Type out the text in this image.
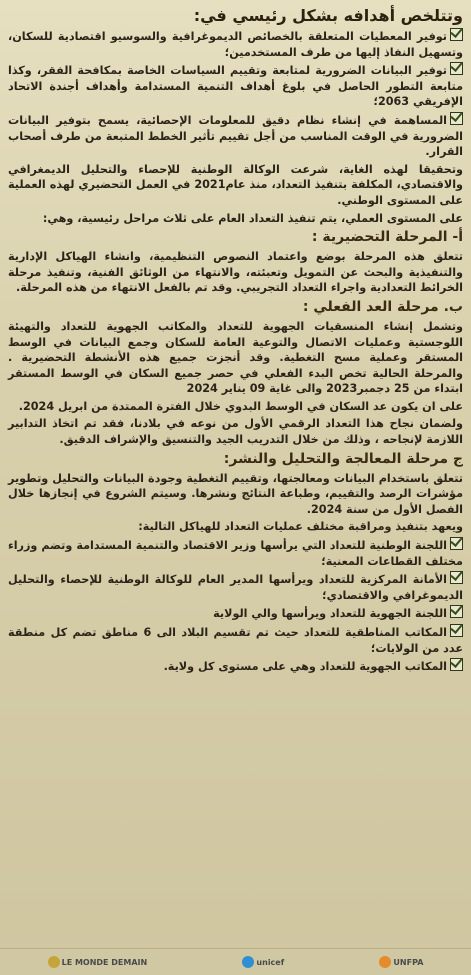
وتتلخص أهدافه بشكل رئيسي في:
توفير المعطيات المتعلقة بالخصائص الديموغرافية والسوسيو اقتصادية للسكان، وتسهيل النفاذ إليها من طرف المستخدمين؛
توفير البيانات الضرورية لمتابعة وتقييم السياسات الخاصة بمكافحة الفقر، وكذا متابعة التطور الحاصل في بلوغ أهداف التنمية المستدامة وأهداف أجندة الاتحاد الإفريقي 2063؛
المساهمة في إنشاء نظام دقيق للمعلومات الإحصائية، يسمح بتوفير البيانات الضرورية في الوقت المناسب من أجل تقييم تأثير الخطط المتبعة من طرف أصحاب القرار.
وتحقيقا لهذه الغاية، شرعت الوكالة الوطنية للإحصاء والتحليل الديمغرافي والاقتصادي، المكلفة بتنفيذ التعداد، منذ عام2021 في العمل التحضيري لهذه العملية على المستوى الوطني.
على المستوى العملي، يتم تنفيذ التعداد العام على ثلاث مراحل رئيسية، وهي:
أ- المرحلة التحضيرية :
تتعلق هذه المرحلة بوضع واعتماد النصوص التنظيمية، وانشاء الهياكل الإدارية والتنفيذية والبحث عن التمويل وتعبئته، والانتهاء من الوثائق الفنية، وتنفيذ مرحلة الخرائط التعدادية واجراء التعداد التجريبي. وقد تم بالفعل الانتهاء من هذه المرحلة.
ب. مرحلة العد الفعلي :
وتشمل إنشاء المنسقيات الجهوية للتعداد والمكاتب الجهوية للتعداد والتهيئة اللوجستية وعمليات الاتصال والتوعية العامة للسكان وجمع البيانات في الوسط المستقر وعملية مسح التغطية. وقد أنجزت جميع هذه الأنشطة التحضيرية . والمرحلة الحالية تخص البدء الفعلي في حصر جميع السكان في الوسط المستقر ابتداء من 25 دجمبر2023 والى غاية 09 يناير 2024
على ان يكون عد السكان في الوسط البدوي خلال الفترة الممتدة من ابريل 2024.
ولضمان نجاح هذا التعداد الرقمي الأول من نوعه في بلادنا، فقد تم اتخاذ التدابير اللازمة لإنجاحه ، وذلك من خلال التدريب الجيد والتنسيق والإشراف الدقيق.
ج مرحلة المعالجة والتحليل والنشر:
تتعلق باستخدام البيانات ومعالجتها، وتقييم التغطية وجودة البيانات والتحليل وتطوير مؤشرات الرصد والتقييم، وطباعة النتائج ونشرها. وسيتم الشروع في إنجازها خلال الفصل الأول من سنة 2024.
ويعهد بتنفيذ ومراقبة مختلف عمليات التعداد للهياكل التالية:
اللجنة الوطنية للتعداد التي يرأسها وزير الاقتصاد والتنمية المستدامة وتضم وزراء مختلف القطاعات المعنية؛
الأمانة المركزية للتعداد ويرأسها المدير العام للوكالة الوطنية للإحصاء والتحليل الديموغرافي والاقتصادي؛
اللجنة الجهوية للتعداد ويرأسها والي الولاية
المكاتب المناطقية للتعداد حيث تم تقسيم البلاد الى 6 مناطق تضم كل منطقة عدد من الولايات؛
المكاتب الجهوية للتعداد وهي على مستوى كل ولاية.
LE MONDE DEMAIN	unicef	UNFPA
